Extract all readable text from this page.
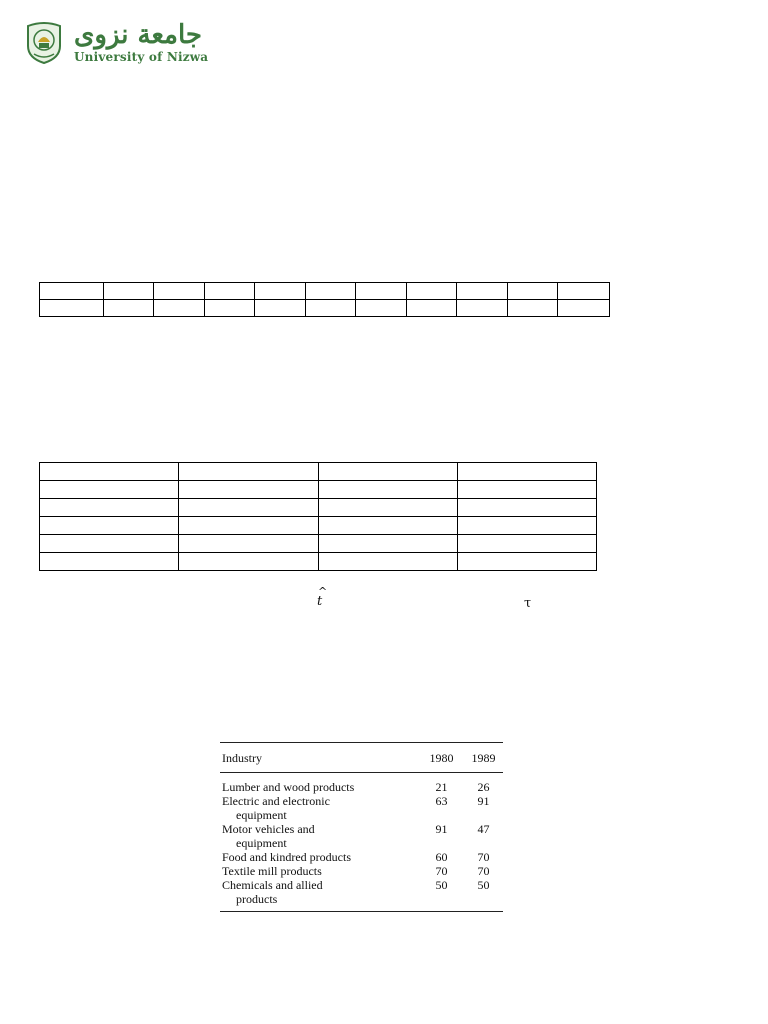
جامعة نزوى
University of Nizwa

^
t	τ
Industry	1980	1989
Lumber and wood products	21	26
Electric and electronic
equipment
63	91
Motor vehicles and
equipment
91	47
Food and kindred products	60	70
Textile mill products	70	70
Chemicals and allied
products
50	50
